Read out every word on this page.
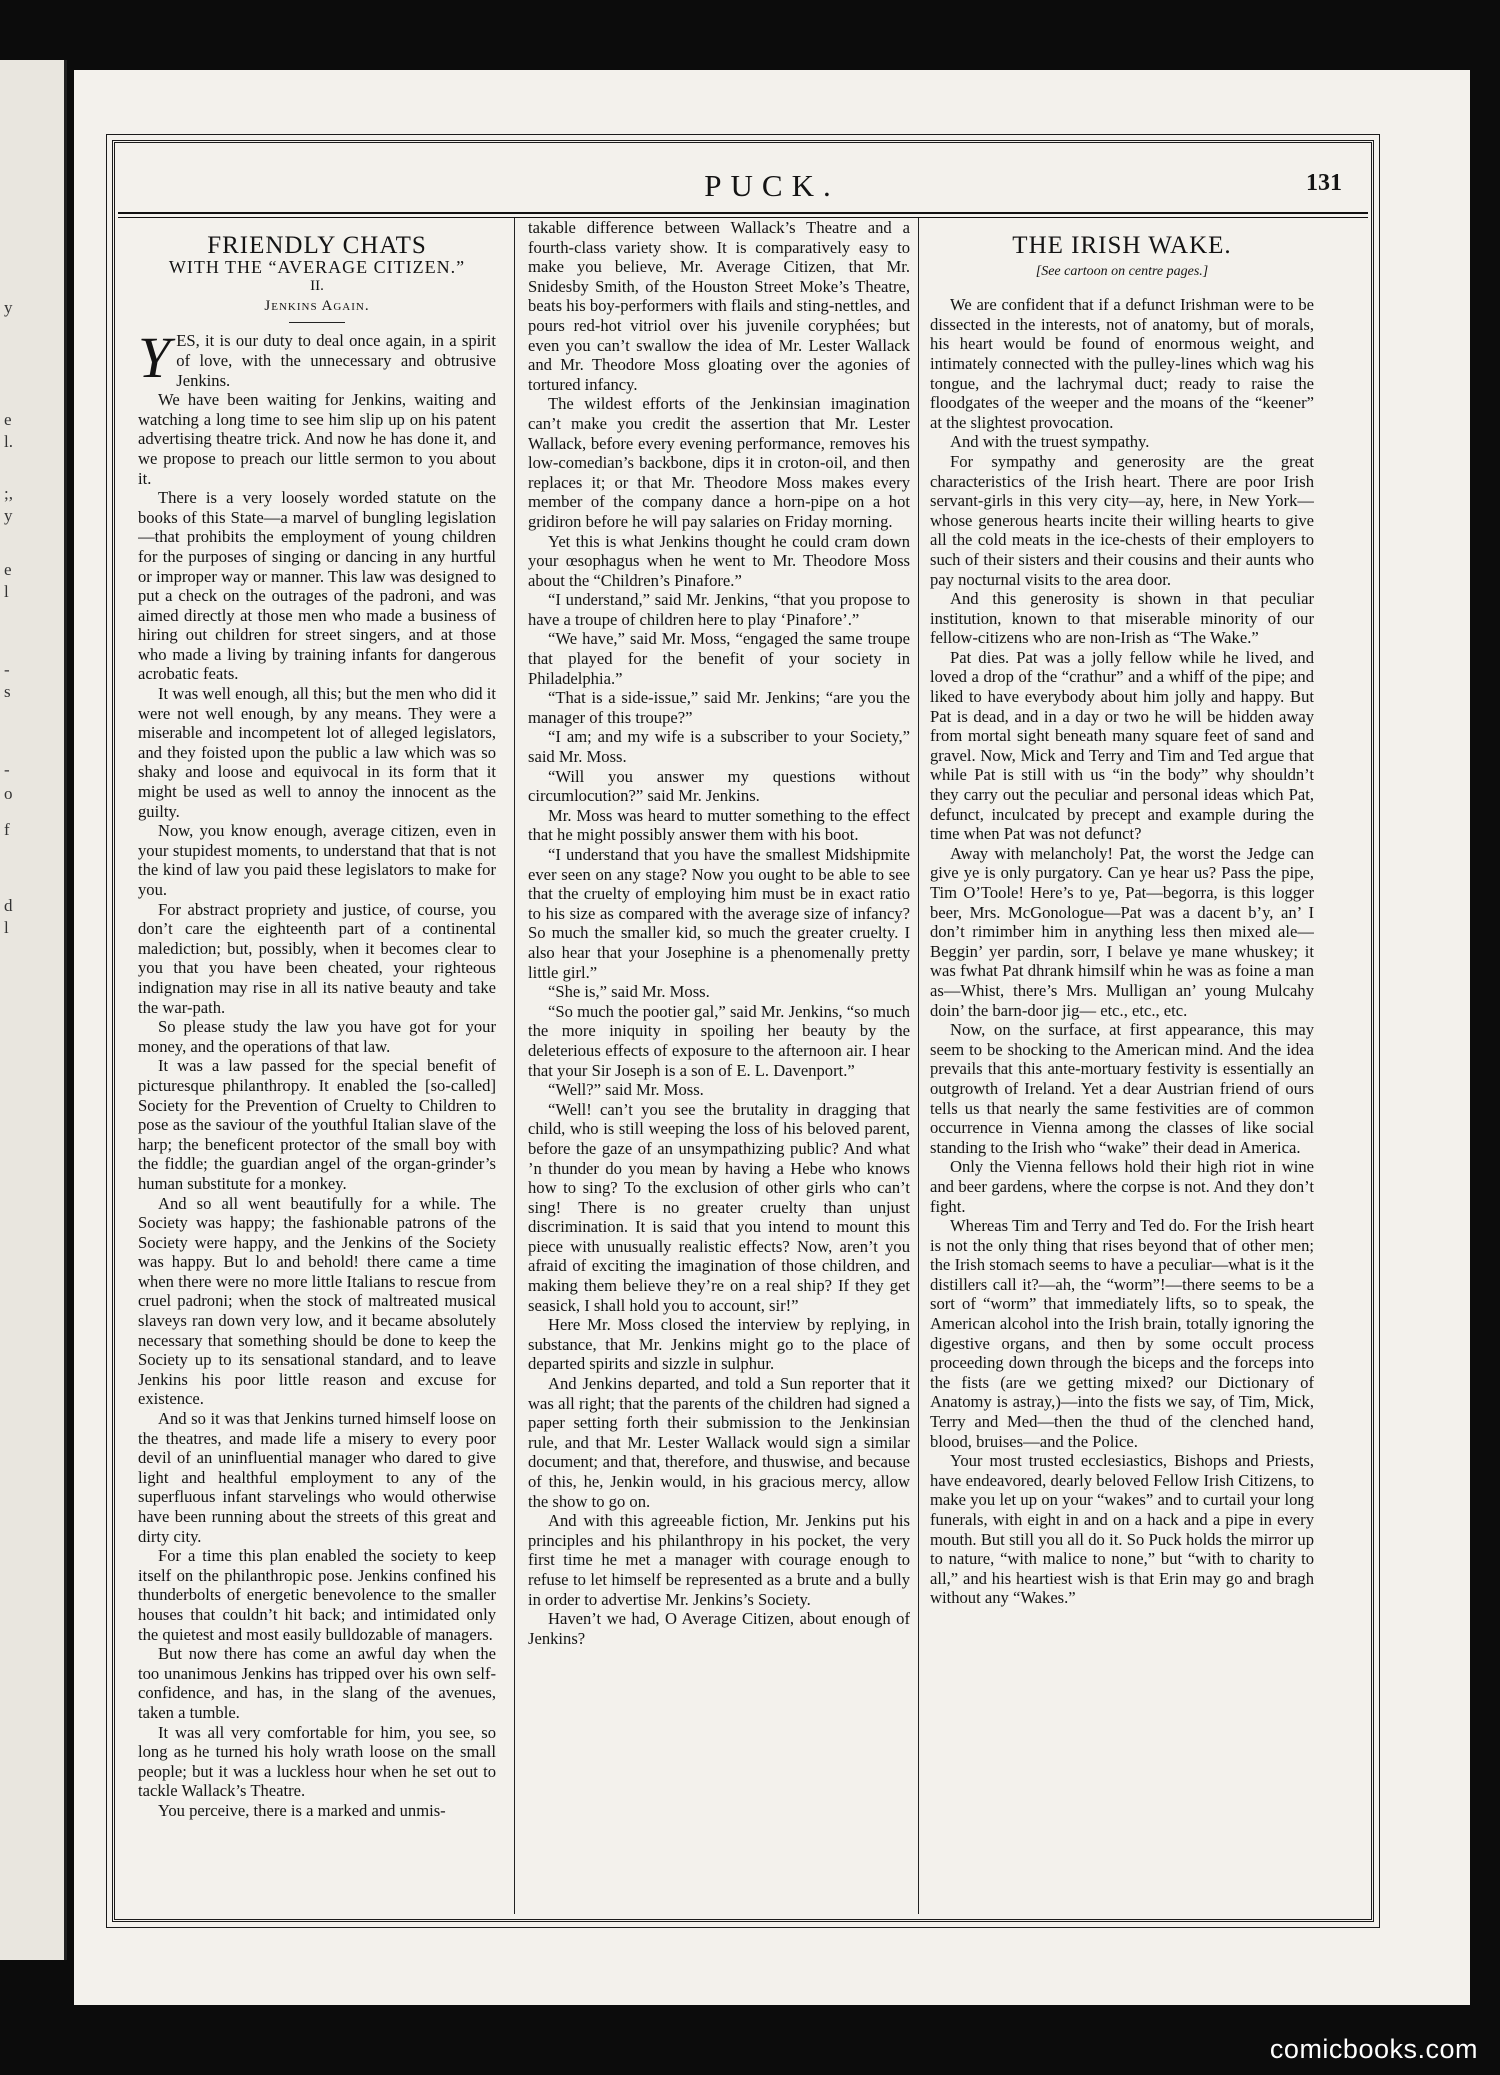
y
e
l.
;,
y
e
l
-
s
-
o
f
d
l
PUCK.	131
FRIENDLY CHATS
WITH THE “AVERAGE CITIZEN.”
II.
Jenkins Again.

YES, it is our duty to deal once again, in a spirit of love, with the unnecessary and obtrusive Jenkins.

We have been waiting for Jenkins, waiting and watching a long time to see him slip up on his patent advertising theatre trick. And now he has done it, and we propose to preach our little sermon to you about it.

There is a very loosely worded statute on the books of this State—a marvel of bungling legislation—that prohibits the employment of young children for the purposes of singing or dancing in any hurtful or improper way or manner. This law was designed to put a check on the outrages of the padroni, and was aimed directly at those men who made a business of hiring out children for street singers, and at those who made a living by training infants for dangerous acrobatic feats.

It was well enough, all this; but the men who did it were not well enough, by any means. They were a miserable and incompetent lot of alleged legislators, and they foisted upon the public a law which was so shaky and loose and equivocal in its form that it might be used as well to annoy the innocent as the guilty.

Now, you know enough, average citizen, even in your stupidest moments, to understand that that is not the kind of law you paid these legislators to make for you.

For abstract propriety and justice, of course, you don’t care the eighteenth part of a continental malediction; but, possibly, when it becomes clear to you that you have been cheated, your righteous indignation may rise in all its native beauty and take the war-path.

So please study the law you have got for your money, and the operations of that law.

It was a law passed for the special benefit of picturesque philanthropy. It enabled the [so-called] Society for the Prevention of Cruelty to Children to pose as the saviour of the youthful Italian slave of the harp; the beneficent protector of the small boy with the fiddle; the guardian angel of the organ-grinder’s human substitute for a monkey.

And so all went beautifully for a while. The Society was happy; the fashionable patrons of the Society were happy, and the Jenkins of the Society was happy. But lo and behold! there came a time when there were no more little Italians to rescue from cruel padroni; when the stock of maltreated musical slaveys ran down very low, and it became absolutely necessary that something should be done to keep the Society up to its sensational standard, and to leave Jenkins his poor little reason and excuse for existence.

And so it was that Jenkins turned himself loose on the theatres, and made life a misery to every poor devil of an uninfluential manager who dared to give light and healthful employment to any of the superfluous infant starvelings who would otherwise have been running about the streets of this great and dirty city.

For a time this plan enabled the society to keep itself on the philanthropic pose. Jenkins confined his thunderbolts of energetic benevolence to the smaller houses that couldn’t hit back; and intimidated only the quietest and most easily bulldozable of managers.

But now there has come an awful day when the too unanimous Jenkins has tripped over his own self-confidence, and has, in the slang of the avenues, taken a tumble.

It was all very comfortable for him, you see, so long as he turned his holy wrath loose on the small people; but it was a luckless hour when he set out to tackle Wallack’s Theatre.

You perceive, there is a marked and unmis-

takable difference between Wallack’s Theatre and a fourth-class variety show. It is comparatively easy to make you believe, Mr. Average Citizen, that Mr. Snidesby Smith, of the Houston Street Moke’s Theatre, beats his boy-performers with flails and sting-nettles, and pours red-hot vitriol over his juvenile coryphées; but even you can’t swallow the idea of Mr. Lester Wallack and Mr. Theodore Moss gloating over the agonies of tortured infancy.

The wildest efforts of the Jenkinsian imagination can’t make you credit the assertion that Mr. Lester Wallack, before every evening performance, removes his low-comedian’s backbone, dips it in croton-oil, and then replaces it; or that Mr. Theodore Moss makes every member of the company dance a horn-pipe on a hot gridiron before he will pay salaries on Friday morning.

Yet this is what Jenkins thought he could cram down your œsophagus when he went to Mr. Theodore Moss about the “Children’s Pinafore.”

“I understand,” said Mr. Jenkins, “that you propose to have a troupe of children here to play ‘Pinafore’.”

“We have,” said Mr. Moss, “engaged the same troupe that played for the benefit of your society in Philadelphia.”

“That is a side-issue,” said Mr. Jenkins; “are you the manager of this troupe?”

“I am; and my wife is a subscriber to your Society,” said Mr. Moss.

“Will you answer my questions without circumlocution?” said Mr. Jenkins.

Mr. Moss was heard to mutter something to the effect that he might possibly answer them with his boot.

“I understand that you have the smallest Midshipmite ever seen on any stage? Now you ought to be able to see that the cruelty of employing him must be in exact ratio to his size as compared with the average size of infancy? So much the smaller kid, so much the greater cruelty. I also hear that your Josephine is a phenomenally pretty little girl.”

“She is,” said Mr. Moss.

“So much the pootier gal,” said Mr. Jenkins, “so much the more iniquity in spoiling her beauty by the deleterious effects of exposure to the afternoon air. I hear that your Sir Joseph is a son of E. L. Davenport.”

“Well?” said Mr. Moss.

“Well! can’t you see the brutality in dragging that child, who is still weeping the loss of his beloved parent, before the gaze of an unsympathizing public? And what ’n thunder do you mean by having a Hebe who knows how to sing? To the exclusion of other girls who can’t sing! There is no greater cruelty than unjust discrimination. It is said that you intend to mount this piece with unusually realistic effects? Now, aren’t you afraid of exciting the imagination of those children, and making them believe they’re on a real ship? If they get seasick, I shall hold you to account, sir!”

Here Mr. Moss closed the interview by replying, in substance, that Mr. Jenkins might go to the place of departed spirits and sizzle in sulphur.

And Jenkins departed, and told a Sun reporter that it was all right; that the parents of the children had signed a paper setting forth their submission to the Jenkinsian rule, and that Mr. Lester Wallack would sign a similar document; and that, therefore, and thuswise, and because of this, he, Jenkin would, in his gracious mercy, allow the show to go on.

And with this agreeable fiction, Mr. Jenkins put his principles and his philanthropy in his pocket, the very first time he met a manager with courage enough to refuse to let himself be represented as a brute and a bully in order to advertise Mr. Jenkins’s Society.

Haven’t we had, O Average Citizen, about enough of Jenkins?

THE IRISH WAKE.
[See cartoon on centre pages.]

We are confident that if a defunct Irishman were to be dissected in the interests, not of anatomy, but of morals, his heart would be found of enormous weight, and intimately connected with the pulley-lines which wag his tongue, and the lachrymal duct; ready to raise the floodgates of the weeper and the moans of the “keener” at the slightest provocation.

And with the truest sympathy.

For sympathy and generosity are the great characteristics of the Irish heart. There are poor Irish servant-girls in this very city—ay, here, in New York—whose generous hearts incite their willing hearts to give all the cold meats in the ice-chests of their employers to such of their sisters and their cousins and their aunts who pay nocturnal visits to the area door.

And this generosity is shown in that peculiar institution, known to that miserable minority of our fellow-citizens who are non-Irish as “The Wake.”

Pat dies. Pat was a jolly fellow while he lived, and loved a drop of the “crathur” and a whiff of the pipe; and liked to have everybody about him jolly and happy. But Pat is dead, and in a day or two he will be hidden away from mortal sight beneath many square feet of sand and gravel. Now, Mick and Terry and Tim and Ted argue that while Pat is still with us “in the body” why shouldn’t they carry out the peculiar and personal ideas which Pat, defunct, inculcated by precept and example during the time when Pat was not defunct?

Away with melancholy! Pat, the worst the Jedge can give ye is only purgatory. Can ye hear us? Pass the pipe, Tim O’Toole! Here’s to ye, Pat—begorra, is this logger beer, Mrs. McGonologue—Pat was a dacent b’y, an’ I don’t rimimber him in anything less then mixed ale—Beggin’ yer pardin, sorr, I belave ye mane whuskey; it was fwhat Pat dhrank himsilf whin he was as foine a man as—Whist, there’s Mrs. Mulligan an’ young Mulcahy doin’ the barn-door jig— etc., etc., etc.

Now, on the surface, at first appearance, this may seem to be shocking to the American mind. And the idea prevails that this ante-mortuary festivity is essentially an outgrowth of Ireland. Yet a dear Austrian friend of ours tells us that nearly the same festivities are of common occurrence in Vienna among the classes of like social standing to the Irish who “wake” their dead in America.

Only the Vienna fellows hold their high riot in wine and beer gardens, where the corpse is not. And they don’t fight.

Whereas Tim and Terry and Ted do. For the Irish heart is not the only thing that rises beyond that of other men; the Irish stomach seems to have a peculiar—what is it the distillers call it?—ah, the “worm”!—there seems to be a sort of “worm” that immediately lifts, so to speak, the American alcohol into the Irish brain, totally ignoring the digestive organs, and then by some occult process proceeding down through the biceps and the forceps into the fists (are we getting mixed? our Dictionary of Anatomy is astray,)—into the fists we say, of Tim, Mick, Terry and Med—then the thud of the clenched hand, blood, bruises—and the Police.

Your most trusted ecclesiastics, Bishops and Priests, have endeavored, dearly beloved Fellow Irish Citizens, to make you let up on your “wakes” and to curtail your long funerals, with eight in and on a hack and a pipe in every mouth. But still you all do it. So Puck holds the mirror up to nature, “with malice to none,” but “with to charity to all,” and his heartiest wish is that Erin may go and bragh without any “Wakes.”

comicbooks.com
